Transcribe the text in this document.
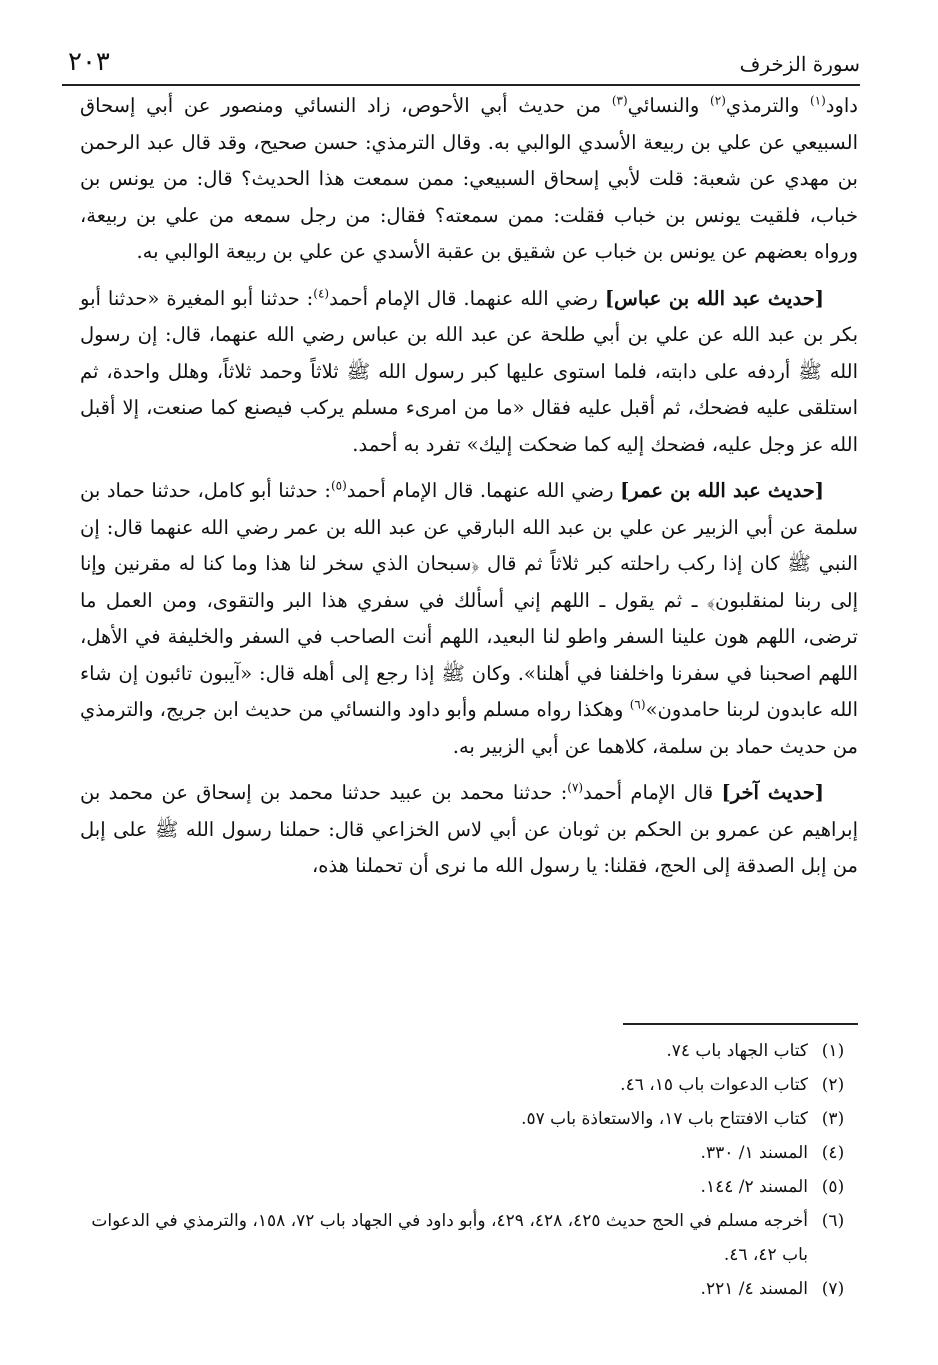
٢٠٣	سورة الزخرف

داود$^{(١)}$ والترمذي$^{(٢)}$ والنسائي$^{(٣)}$ من حديث أبي الأحوص، زاد النسائي ومنصور عن أبي إسحاق السبيعي عن علي بن ربيعة الأسدي الوالبي به. وقال الترمذي: حسن صحيح، وقد قال عبد الرحمن بن مهدي عن شعبة: قلت لأبي إسحاق السبيعي: ممن سمعت هذا الحديث؟ قال: من يونس بن خباب، فلقيت يونس بن خباب فقلت: ممن سمعته؟ فقال: من رجل سمعه من علي بن ربيعة، ورواه بعضهم عن يونس بن خباب عن شقيق بن عقبة الأسدي عن علي بن ربيعة الوالبي به.

[حديث عبد الله بن عباس] رضي الله عنهما. قال الإمام أحمد$^{(٤)}$: حدثنا أبو المغيرة «حدثنا أبو بكر بن عبد الله عن علي بن أبي طلحة عن عبد الله بن عباس رضي الله عنهما، قال: إن رسول الله ﷺ أردفه على دابته، فلما استوى عليها كبر رسول الله ﷺ ثلاثاً وحمد ثلاثاً، وهلل واحدة، ثم استلقى عليه فضحك، ثم أقبل عليه فقال «ما من امرىء مسلم يركب فيصنع كما صنعت، إلا أقبل الله عز وجل عليه، فضحك إليه كما ضحكت إليك» تفرد به أحمد.

[حديث عبد الله بن عمر] رضي الله عنهما. قال الإمام أحمد$^{(٥)}$: حدثنا أبو كامل، حدثنا حماد بن سلمة عن أبي الزبير عن علي بن عبد الله البارقي عن عبد الله بن عمر رضي الله عنهما قال: إن النبي ﷺ كان إذا ركب راحلته كبر ثلاثاً ثم قال ﴿سبحان الذي سخر لنا هذا وما كنا له مقرنين وإنا إلى ربنا لمنقلبون﴾ ـ ثم يقول ـ اللهم إني أسألك في سفري هذا البر والتقوى، ومن العمل ما ترضى، اللهم هون علينا السفر واطو لنا البعيد، اللهم أنت الصاحب في السفر والخليفة في الأهل، اللهم اصحبنا في سفرنا واخلفنا في أهلنا». وكان ﷺ إذا رجع إلى أهله قال: «آيبون تائبون إن شاء الله عابدون لربنا حامدون»$^{(٦)}$ وهكذا رواه مسلم وأبو داود والنسائي من حديث ابن جريج، والترمذي من حديث حماد بن سلمة، كلاهما عن أبي الزبير به.

[حديث آخر] قال الإمام أحمد$^{(٧)}$: حدثنا محمد بن عبيد حدثنا محمد بن إسحاق عن محمد بن إبراهيم عن عمرو بن الحكم بن ثوبان عن أبي لاس الخزاعي قال: حملنا رسول الله ﷺ على إبل من إبل الصدقة إلى الحج، فقلنا: يا رسول الله ما نرى أن تحملنا هذه،

(١)
كتاب الجهاد باب ٧٤.
(٢)
كتاب الدعوات باب ١٥، ٤٦.
(٣)
كتاب الافتتاح باب ١٧، والاستعاذة باب ٥٧.
(٤)
المسند ١/ ٣٣٠.
(٥)
المسند ٢/ ١٤٤.
(٦)
أخرجه مسلم في الحج حديث ٤٢٥، ٤٢٨، ٤٢٩، وأبو داود في الجهاد باب ٧٢، ١٥٨، والترمذي في الدعوات باب ٤٢، ٤٦.
(٧)
المسند ٤/ ٢٢١.
